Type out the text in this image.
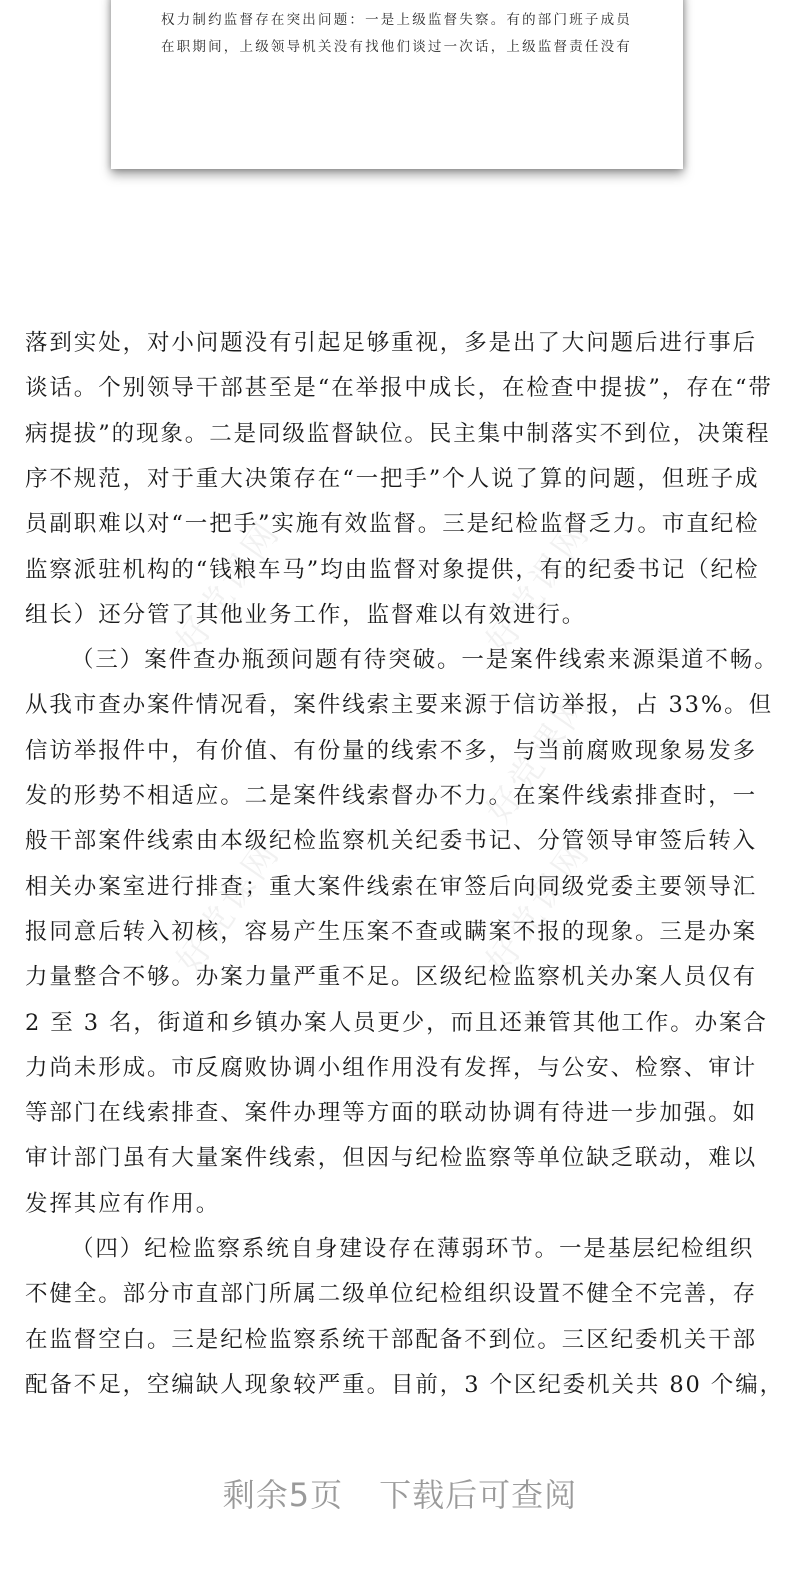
权力制约监督存在突出问题：一是上级监督失察。有的部门班子成员
在职期间，上级领导机关没有找他们谈过一次话，上级监督责任没有
好党课网	好党课网
好党课网	好党课网
好党课网
落到实处，对小问题没有引起足够重视，多是出了大问题后进行事后
谈话。个别领导干部甚至是“在举报中成长，在检查中提拔”，存在“带
病提拔”的现象。二是同级监督缺位。民主集中制落实不到位，决策程
序不规范，对于重大决策存在“一把手”个人说了算的问题，但班子成
员副职难以对“一把手”实施有效监督。三是纪检监督乏力。市直纪检
监察派驻机构的“钱粮车马”均由监督对象提供，有的纪委书记（纪检
组长）还分管了其他业务工作，监督难以有效进行。
（三）案件查办瓶颈问题有待突破。一是案件线索来源渠道不畅。
从我市查办案件情况看，案件线索主要来源于信访举报，占 33%。但
信访举报件中，有价值、有份量的线索不多，与当前腐败现象易发多
发的形势不相适应。二是案件线索督办不力。在案件线索排查时，一
般干部案件线索由本级纪检监察机关纪委书记、分管领导审签后转入
相关办案室进行排查；重大案件线索在审签后向同级党委主要领导汇
报同意后转入初核，容易产生压案不查或瞒案不报的现象。三是办案
力量整合不够。办案力量严重不足。区级纪检监察机关办案人员仅有
2 至 3 名，街道和乡镇办案人员更少，而且还兼管其他工作。办案合
力尚未形成。市反腐败协调小组作用没有发挥，与公安、检察、审计
等部门在线索排查、案件办理等方面的联动协调有待进一步加强。如
审计部门虽有大量案件线索，但因与纪检监察等单位缺乏联动，难以
发挥其应有作用。
（四）纪检监察系统自身建设存在薄弱环节。一是基层纪检组织
不健全。部分市直部门所属二级单位纪检组织设置不健全不完善，存
在监督空白。三是纪检监察系统干部配备不到位。三区纪委机关干部
配备不足，空编缺人现象较严重。目前，3 个区纪委机关共 80 个编，
剩余5页 下载后可查阅
